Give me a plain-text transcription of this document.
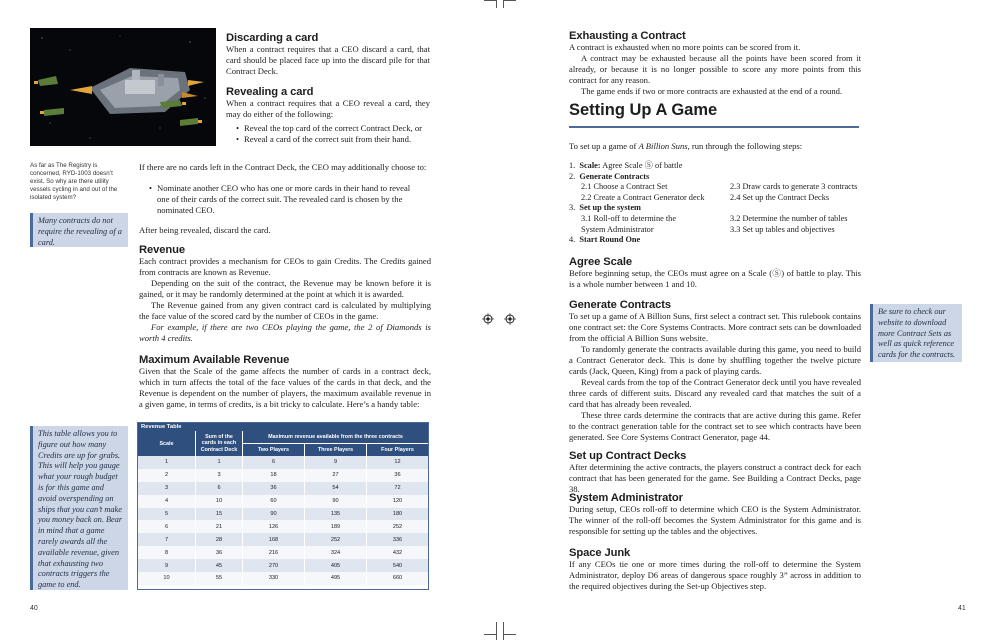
As far as The Registry is concerned, RYD-1003 doesn’t exist. So why are there utility vessels cycling in and out of the isolated system?
Discarding a card

When a contract requires that a CEO discard a card, that card should be placed face up into the discard pile for that Contract Deck.

Revealing a card

When a contract requires that a CEO reveal a card, they may do either of the following:

• Reveal the top card of the correct Contract Deck, or
• Reveal a card of the correct suit from their hand.

If there are no cards left in the Contract Deck, the CEO may additionally choose to:

• Nominate another CEO who has one or more cards in their hand to reveal one of their cards of the correct suit. The revealed card is chosen by the nominated CEO.

After being revealed, discard the card.

Many contracts do not require the revealing of a card.
Revenue

Each contract provides a mechanism for CEOs to gain Credits. The Credits gained from contracts are known as Revenue.

Depending on the suit of the contract, the Revenue may be known before it is gained, or it may be randomly determined at the point at which it is awarded.

The Revenue gained from any given contract card is calculated by multiplying the face value of the scored card by the number of CEOs in the game.

For example, if there are two CEOs playing the game, the 2 of Diamonds is worth 4 credits.

Maximum Available Revenue

Given that the Scale of the game affects the number of cards in a contract deck, which in turn affects the total of the face values of the cards in that deck, and the Revenue is dependent on the number of players, the maximum available revenue in a given game, in terms of credits, is a bit tricky to calculate. Here’s a handy table:

This table allows you to figure out how many Credits are up for grabs. This will help you gauge what your rough budget is for this game and avoid overspending on ships that you can’t make you money back on. Bear in mind that a game rarely awards all the available revenue, given that exhausting two contracts triggers the game to end.
Revenue Table
Scale
Sum of the cards in each Contract Deck
Maximum revenue available from the three contracts
Two Players	Three Players	Four Players
1	1	6	9	12
2	3	18	27	36
3	6	36	54	72
4	10	60	90	120
5	15	90	135	180
6	21	126	189	252
7	28	168	252	336
8	36	216	324	432
9	45	270	405	540
10	55	330	495	660
40
Exhausting a Contract

A contract is exhausted when no more points can be scored from it.

A contract may be exhausted because all the points have been scored from it already, or because it is no longer possible to score any more points from this contract for any reason.

The game ends if two or more contracts are exhausted at the end of a round.

Setting Up A Game

To set up a game of A Billion Suns, run through the following steps:

1.  Scale: Agree Scale Ⓢ of battle
2.  Generate Contracts
2.1 Choose a Contract Set	2.3 Draw cards to generate 3 contracts
2.2 Create a Contract Generator deck	2.4 Set up the Contract Decks
3.  Set up the system
3.1 Roll-off to determine the System Administrator
3.2 Determine the number of tables
3.3 Set up tables and objectives
4.  Start Round One
Agree Scale

Before beginning setup, the CEOs must agree on a Scale (Ⓢ) of battle to play. This is a whole number between 1 and 10.

Generate Contracts

To set up a game of A Billion Suns, first select a contract set. This rulebook contains one contract set: the Core Systems Contracts. More contract sets can be downloaded from the official A Billion Suns website.

To randomly generate the contracts available during this game, you need to build a Contract Generator deck. This is done by shuffling together the twelve picture cards (Jack, Queen, King) from a pack of playing cards.

Reveal cards from the top of the Contract Generator deck until you have revealed three cards of different suits. Discard any revealed card that matches the suit of a card that has already been revealed.

These three cards determine the contracts that are active during this game. Refer to the contract generation table for the contract set to see which contracts have been generated. See Core Systems Contract Generator, page 44.

Be sure to check our website to download more Contract Sets as well as quick reference cards for the contracts.
Set up Contract Decks

After determining the active contracts, the players construct a contract deck for each contract that has been generated for the game. See Building a Contract Decks, page 38.

System Administrator

During setup, CEOs roll-off to determine which CEO is the System Administrator. The winner of the roll-off becomes the System Administrator for this game and is responsible for setting up the tables and the objectives.

Space Junk

If any CEOs tie one or more times during the roll-off to determine the System Administrator, deploy D6 areas of dangerous space roughly 3” across in addition to the required objectives during the Set-up Objectives step.

41
